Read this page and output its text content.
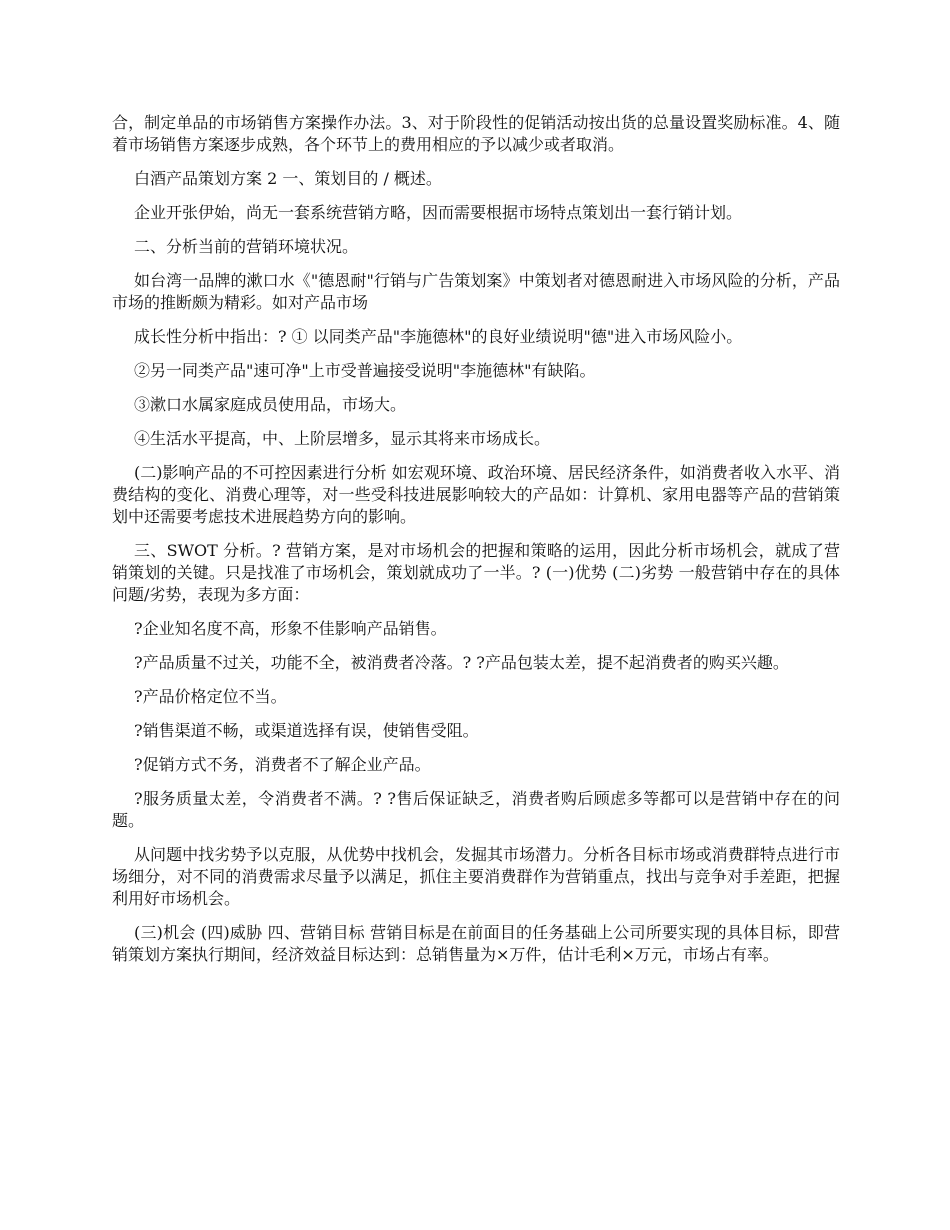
合，制定单品的市场销售方案操作办法。3、对于阶段性的促销活动按出货的总量设置奖励标准。4、随着市场销售方案逐步成熟，各个环节上的费用相应的予以减少或者取消。

白酒产品策划方案 2 一、策划目的 / 概述。

企业开张伊始，尚无一套系统营销方略，因而需要根据市场特点策划出一套行销计划。

二、分析当前的营销环境状况。

如台湾一品牌的漱口水《"德恩耐"行销与广告策划案》中策划者对德恩耐进入市场风险的分析，产品市场的推断颇为精彩。如对产品市场

成长性分析中指出：? ① 以同类产品"李施德林"的良好业绩说明"德"进入市场风险小。

②另一同类产品"速可净"上市受普遍接受说明"李施德林"有缺陷。

③漱口水属家庭成员使用品，市场大。

④生活水平提高，中、上阶层增多，显示其将来市场成长。

(二)影响产品的不可控因素进行分析 如宏观环境、政治环境、居民经济条件，如消费者收入水平、消费结构的变化、消费心理等，对一些受科技进展影响较大的产品如：计算机、家用电器等产品的营销策划中还需要考虑技术进展趋势方向的影响。

三、SWOT 分析。? 营销方案，是对市场机会的把握和策略的运用，因此分析市场机会，就成了营销策划的关键。只是找准了市场机会，策划就成功了一半。? (一)优势 (二)劣势 一般营销中存在的具体问题/劣势，表现为多方面：

?企业知名度不高，形象不佳影响产品销售。

?产品质量不过关，功能不全，被消费者冷落。? ?产品包装太差，提不起消费者的购买兴趣。

?产品价格定位不当。

?销售渠道不畅，或渠道选择有误，使销售受阻。

?促销方式不务，消费者不了解企业产品。

?服务质量太差，令消费者不满。? ?售后保证缺乏，消费者购后顾虑多等都可以是营销中存在的问题。

从问题中找劣势予以克服，从优势中找机会，发掘其市场潜力。分析各目标市场或消费群特点进行市场细分，对不同的消费需求尽量予以满足，抓住主要消费群作为营销重点，找出与竞争对手差距，把握利用好市场机会。

(三)机会 (四)威胁 四、营销目标 营销目标是在前面目的任务基础上公司所要实现的具体目标，即营销策划方案执行期间，经济效益目标达到：总销售量为×万件，估计毛利×万元，市场占有率。
